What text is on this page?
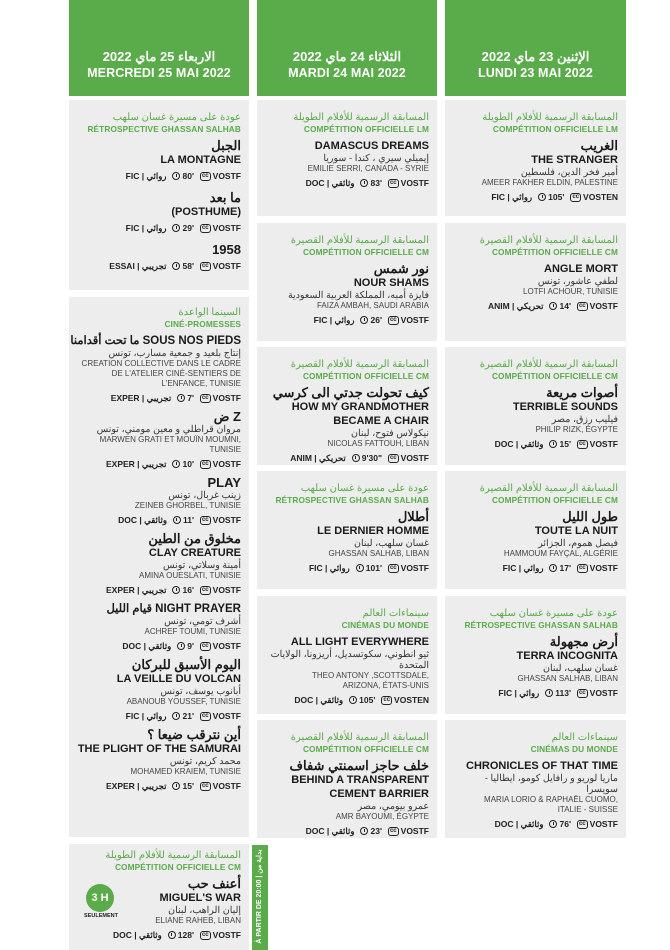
الاربعاء 25 ماي 2022
MERCREDI 25 MAI 2022
الثلاثاء 24 ماي 2022
MARDI 24 MAI 2022
الإثنين 23 ماي 2022
LUNDI 23 MAI 2022
عودة على مسيرة غسان سلهب
RÉTROSPECTIVE GHASSAN SALHAB
الجبل
LA MONTAGNE
FIC | روائي 80'	cc VOSTF
ما بعد
(POSTHUME)
FIC | روائي 29'	cc VOSTF
1958
ESSAI | تجريبي 58'	cc VOSTF
السينما الواعدة
CINÉ-PROMESSES
ما تحت أقدامنا SOUS NOS PIEDS
إنتاج بلعيد و جمعية مسارب، تونس
CREATION COLLECTIVE DANS LE CADRE DE L'ATELIER CINÉ-SENTIERS DE L'ENFANCE, TUNISIE
EXPER | تجريبي 7'	cc VOSTF
ض Z
مروان قراطلي و معين مومني، تونس
MARWEN GRATI ET MOUÏN MOUMNI, TUNISIE
EXPER | تجريبي 10'	cc VOSTF
PLAY
زينب غربال، تونس
ZEINEB GHORBEL, TUNISIE
DOC | وثائقي 11'	cc VOSTF
مخلوق من الطين
CLAY CREATURE
أمينة وسلاتي، تونس
AMINA OUESLATI, TUNISIE
EXPER | تجريبي 16'	cc VOSTF
قيام الليل NIGHT PRAYER
أشرف تومي، تونس
ACHREF TOUMI, TUNISIE
DOC | وثائقي 9'	cc VOSTF
اليوم الأسبق للبركان
LA VEILLE DU VOLCAN
أبانوب يوسف، تونس
ABANOUB YOUSSEF, TUNISIE
FIC | روائي 21'	cc VOSTF
أين نترقب ضيعا ؟
THE PLIGHT OF THE SAMURAI
محمد كريم، تونس
MOHAMED KRAIEM, TUNISIE
EXPER | تجريبي 15'	cc VOSTF
المسابقة الرسمية للأفلام الطويلة
COMPÉTITION OFFICIELLE CM
أعنف حب
MIGUEL'S WAR
إليان الراهب، لبنان
ELIANE RAHEB, LIBAN
DOC | وثائقي 128'	cc VOSTF
3 H
SEULEMENT	À PARTIR DE 20:00 | بداية من
المسابقة الرسمية للأفلام الطويلة
COMPÉTITION OFFICIELLE LM
DAMASCUS DREAMS
إيميلي سيري ، كندا - سوريا
EMILIE SERRI, CANADA - SYRIE
DOC | وثائقي 83'	cc VOSTF
المسابقة الرسمية للأفلام القصيرة
COMPÉTITION OFFICIELLE CM
نور شمس
NOUR SHAMS
فايزة أمبه، المملكة العربية السعودية
FAIZA AMBAH, SAUDI ARABIA
FIC | روائي 26'	cc VOSTF
المسابقة الرسمية للأفلام القصيرة
COMPÉTITION OFFICIELLE CM
كيف تحولت جدتي الى كرسي
HOW MY GRANDMOTHER BECAME A CHAIR
نيكولاس فتوح، لبنان
NICOLAS FATTOUH, LIBAN
ANIM | تحريكي 9'30"	cc VOSTF
عودة على مسيرة غسان سلهب
RÉTROSPECTIVE GHASSAN SALHAB
أطلال
LE DERNIER HOMME
غسان سلهب، لبنان
GHASSAN SALHAB, LIBAN
FIC | روائي 101'	cc VOSTF
سينماءات العالم
CINÉMAS DU MONDE
ALL LIGHT EVERYWHERE
ثيو انطوني، سكوتسديل، أريزونا، الولايات المتحدة
THEO ANTONY ,SCOTTSDALE, ARIZONA, ÉTATS-UNIS
DOC | وثائقي 105'	cc VOSTEN
المسابقة الرسمية للأفلام القصيرة
COMPÉTITION OFFICIELLE CM
خلف حاجز اسمنتي شفاف
BEHIND A TRANSPARENT CEMENT BARRIER
عمرو بيومي، مصر
AMR BAYOUMI, ÉGYPTE
DOC | وثائقي 23'	cc VOSTF
المسابقة الرسمية للأفلام الطويلة
COMPÉTITION OFFICIELLE LM
الغريب
THE STRANGER
أمير فخر الدين، فلسطين
AMEER FAKHER ELDIN, PALESTINE
FIC | روائي 105'	cc VOSTEN
المسابقة الرسمية للأفلام القصيرة
COMPÉTITION OFFICIELLE CM
ANGLE MORT
لطفي عاشور، تونس
LOTFI ACHOUR, TUNISIE
ANIM | تحريكي 14'	cc VOSTF
المسابقة الرسمية للأفلام القصيرة
COMPÉTITION OFFICIELLE CM
أصوات مريعة
TERRIBLE SOUNDS
فيليب رزق، مصر
PHILIP RIZK, ÉGYPTE
DOC | وثائقي 15'	cc VOSTF
المسابقة الرسمية للأفلام القصيرة
COMPÉTITION OFFICIELLE CM
طول الليل
TOUTE LA NUIT
فيصل هموم، الجزائر
HAMMOUM FAYÇAL, ALGÉRIE
FIC | روائي 17'	cc VOSTF
عودة على مسيرة غسان سلهب
RÉTROSPECTIVE GHASSAN SALHAB
أرض مجهولة
TERRA INCOGNITA
غسان سلهب، لبنان
GHASSAN SALHAB, LIBAN
FIC | روائي 113'	cc VOSTF
سينماءات العالم
CINÉMAS DU MONDE
CHRONICLES OF THAT TIME
ماريا لوريو و رافايل كومو، ايطاليا - سويسرا
MARIA LORIO & RAPHAËL CUOMO, ITALIE - SUISSE
DOC | وثائقي 76'	cc VOSTF
